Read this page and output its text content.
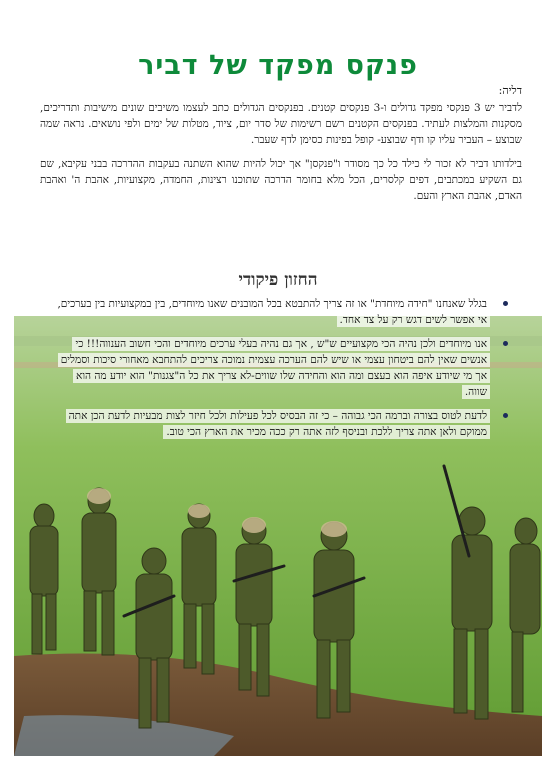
פנקס מפקד של דביר

דליה:

לדביר יש 3 פנקסי מפקד גדולים ו-3 פנקסים קטנים. בפנקסים הגדולים כתב לעצמו משיבים שונים מישיבות ותדריכים, מסקנות והמלצות לעתיד. בפנקסים הקטנים רשם רשימות של סדר יום, ציוד, מטלות של ימים ולפי נושאים. נראה שמה שבוצע – העביר עליו קו ודף שבוצע- קופל בפינות כסימן לדף שעבר.

בילדותו דביר לא זכור לי כילד כל כך מסודר ו"פנקסן" אך יכול להיות שהוא השתנה בעקבות ההדרכה בבני עקיבא, שם גם השקיע במכתבים, דפים קלסרים, הכל מלא בחומר הדרכה שתוכנו רצינות, החמדה, מקצועיות, אהבת ה' ואהבת האדם, אהבת הארץ והעם.

החזון פיקודי
בגלל שאנחנו "חידה מיוחדת" או זה צריך להתבטא בכל המובנים שאנו מיוחדים, בין במקצועיות בין בערכים, אי אפשר לשים דגש רק על צד אחד.
אנו מיוחדים ולכן נהיה הכי מקצועיים ש"ש , אך גם נהיה בעלי ערכים מיוחדים והכי חשוב הענווה!!! כי אנשים שאין להם ביטחון עצמי או שיש להם הערכה עצמית נמוכה צריכים להתחבא מאחורי סיכות וסמלים אך מי שיודע איפה הוא בעצם ומה הוא והחידה שלו שווים-לא צריך את כל ה"צגנות" הוא יודע מה הוא שווה.
לדעת לטוס בצורה וברמה הכי גבוהה – כי זה הבסיס לכל פעילות ולכל חיזר לצות מבעיות לדעת הכן אתה ממוקם ולאן אתה צריך ללכת ובניסף לזה אתה רק ככה מכיר את הארץ הכי טוב.
